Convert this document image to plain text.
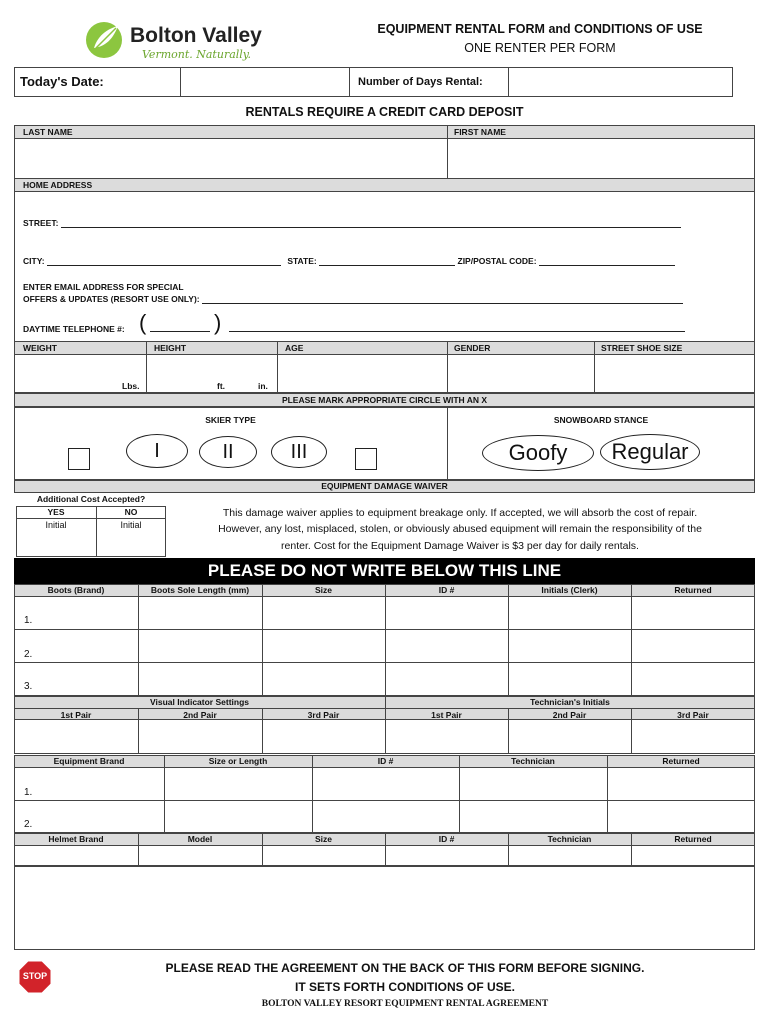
Bolton Valley
Vermont. Naturally.
EQUIPMENT RENTAL FORM and CONDITIONS OF USE
ONE RENTER PER FORM
Today's Date:	Number of Days Rental:
RENTALS REQUIRE A CREDIT CARD DEPOSIT
LAST NAME	FIRST NAME
HOME ADDRESS
STREET:
CITY:	STATE:	ZIP/POSTAL CODE:
ENTER EMAIL ADDRESS FOR SPECIAL
OFFERS & UPDATES (RESORT USE ONLY):
DAYTIME TELEPHONE #: (	)
WEIGHT	HEIGHT	AGE	GENDER	STREET SHOE SIZE
Lbs.	ft.	in.
PLEASE MARK APPROPRIATE CIRCLE WITH AN X
SKIER TYPE	SNOWBOARD STANCE
I	II	III	Goofy Regular
EQUIPMENT DAMAGE WAIVER
Additional Cost Accepted?
YES	NO
Initial	Initial
This damage waiver applies to equipment breakage only. If accepted, we will absorb the cost of repair.
However, any lost, misplaced, stolen, or obviously abused equipment will remain the responsibility of the
renter. Cost for the Equipment Damage Waiver is $3 per day for daily rentals.
PLEASE DO NOT WRITE BELOW THIS LINE
Boots (Brand)	Boots Sole Length (mm)	Size	ID #	Initials (Clerk)	Returned
1.
2.
3.
Visual Indicator Settings	Technician's Initials
1st Pair	2nd Pair	3rd Pair	1st Pair	2nd Pair	3rd Pair
Equipment Brand	Size or Length	ID #	Technician	Returned
1.
2.
Helmet Brand	Model	Size	ID #	Technician	Returned
STOP
PLEASE READ THE AGREEMENT ON THE BACK OF THIS FORM BEFORE SIGNING.
IT SETS FORTH CONDITIONS OF USE.
BOLTON VALLEY RESORT EQUIPMENT RENTAL AGREEMENT
